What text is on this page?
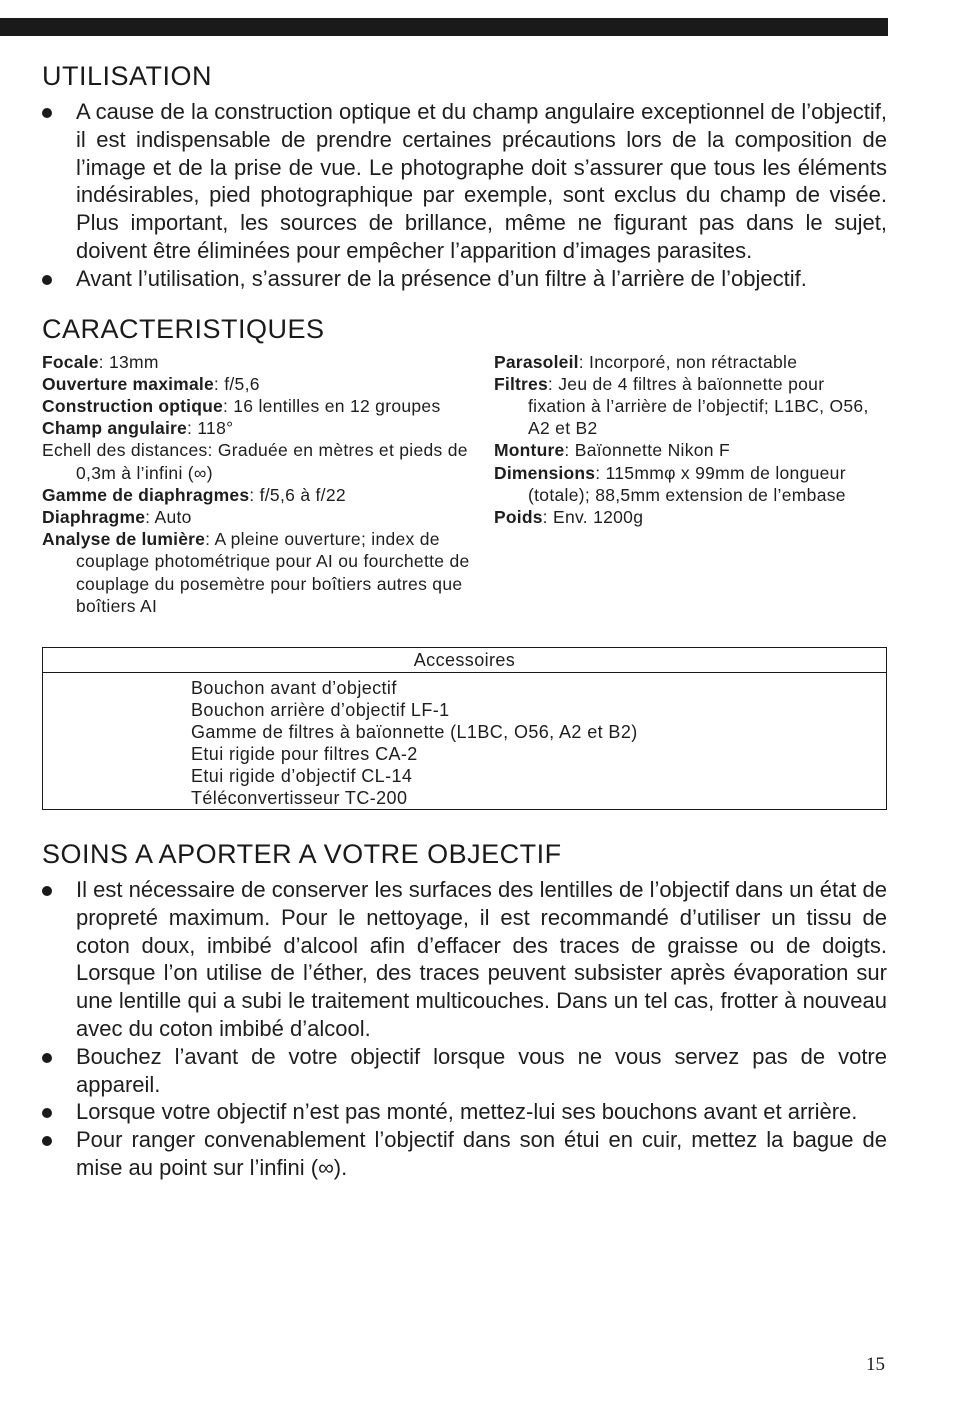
UTILISATION
A cause de la construction optique et du champ angulaire exceptionnel de l’objectif, il est indispensable de prendre certaines précautions lors de la composition de l’image et de la prise de vue. Le photographe doit s’assurer que tous les éléments indésirables, pied photographique par exemple, sont exclus du champ de visée. Plus important, les sources de brillance, même ne figurant pas dans le sujet, doivent être éliminées pour empêcher l’apparition d’images parasites.
Avant l’utilisation, s’assurer de la présence d’un filtre à l’arrière de l’objectif.
CARACTERISTIQUES
Focale: 13mm
Ouverture maximale: f/5,6
Construction optique: 16 lentilles en 12 groupes
Champ angulaire: 118°
Echell des distances: Graduée en mètres et pieds de 0,3m à l’infini (∞)
Gamme de diaphragmes: f/5,6 à f/22
Diaphragme: Auto
Analyse de lumière: A pleine ouverture; index de couplage photométrique pour AI ou fourchette de couplage du posemètre pour boîtiers autres que boîtiers AI
Parasoleil: Incorporé, non rétractable
Filtres: Jeu de 4 filtres à baïonnette pour fixation à l’arrière de l’objectif; L1BC, O56, A2 et B2
Monture: Baïonnette Nikon F
Dimensions: 115mmφ x 99mm de longueur (totale); 88,5mm extension de l’embase
Poids: Env. 1200g
Accessoires
Bouchon avant d’objectif
Bouchon arrière d’objectif LF-1
Gamme de filtres à baïonnette (L1BC, O56, A2 et B2)
Etui rigide pour filtres CA-2
Etui rigide d’objectif CL-14
Téléconvertisseur TC-200
SOINS A APORTER A VOTRE OBJECTIF
Il est nécessaire de conserver les surfaces des lentilles de l’objectif dans un état de propreté maximum. Pour le nettoyage, il est recommandé d’utiliser un tissu de coton doux, imbibé d’alcool afin d’effacer des traces de graisse ou de doigts. Lorsque l’on utilise de l’éther, des traces peuvent subsister après évaporation sur une lentille qui a subi le traitement multicouches. Dans un tel cas, frotter à nouveau avec du coton imbibé d’alcool.
Bouchez l’avant de votre objectif lorsque vous ne vous servez pas de votre appareil.
Lorsque votre objectif n’est pas monté, mettez-lui ses bouchons avant et arrière.
Pour ranger convenablement l’objectif dans son étui en cuir, mettez la bague de mise au point sur l’infini (∞).
15
